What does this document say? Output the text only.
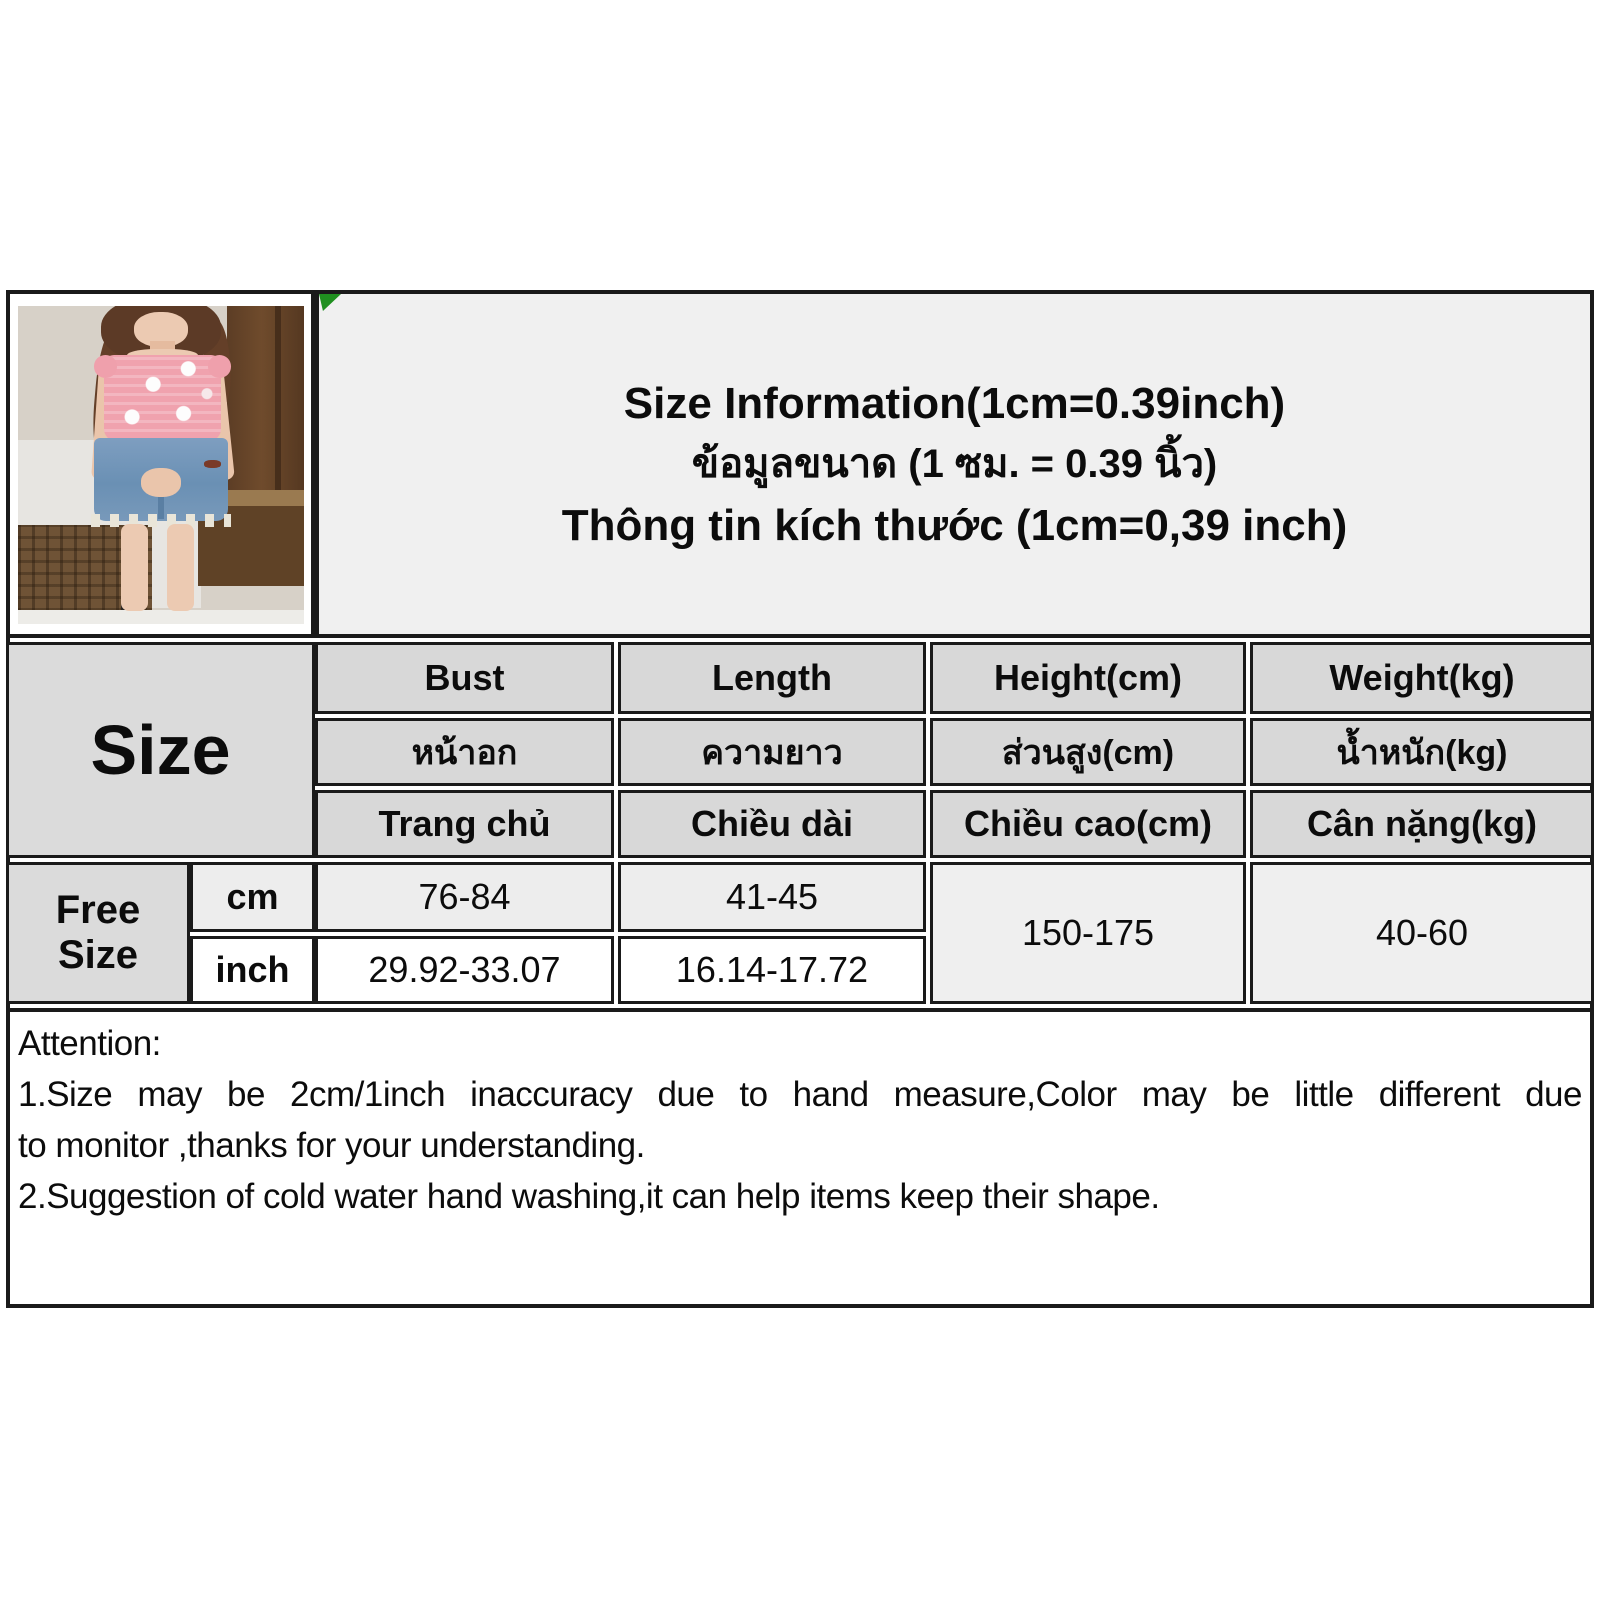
Size Information(1cm=0.39inch)
ข้อมูลขนาด (1 ซม. = 0.39 นิ้ว)
Thông tin kích thước (1cm=0,39 inch)
Size
Bust	Length	Height(cm)	Weight(kg)
หน้าอก	ความยาว	ส่วนสูง(cm)	น้ำหนัก(kg)
Trang chủ	Chiều dài	Chiều cao(cm)	Cân nặng(kg)
Free Size
cm	76-84	41-45
inch	29.92-33.07	16.14-17.72
150-175	40-60
Attention:
1.Size may be 2cm/1inch inaccuracy due to hand measure,Color may be little different due
to monitor ,thanks for your understanding.
2.Suggestion of cold water hand washing,it can help items keep their shape.
